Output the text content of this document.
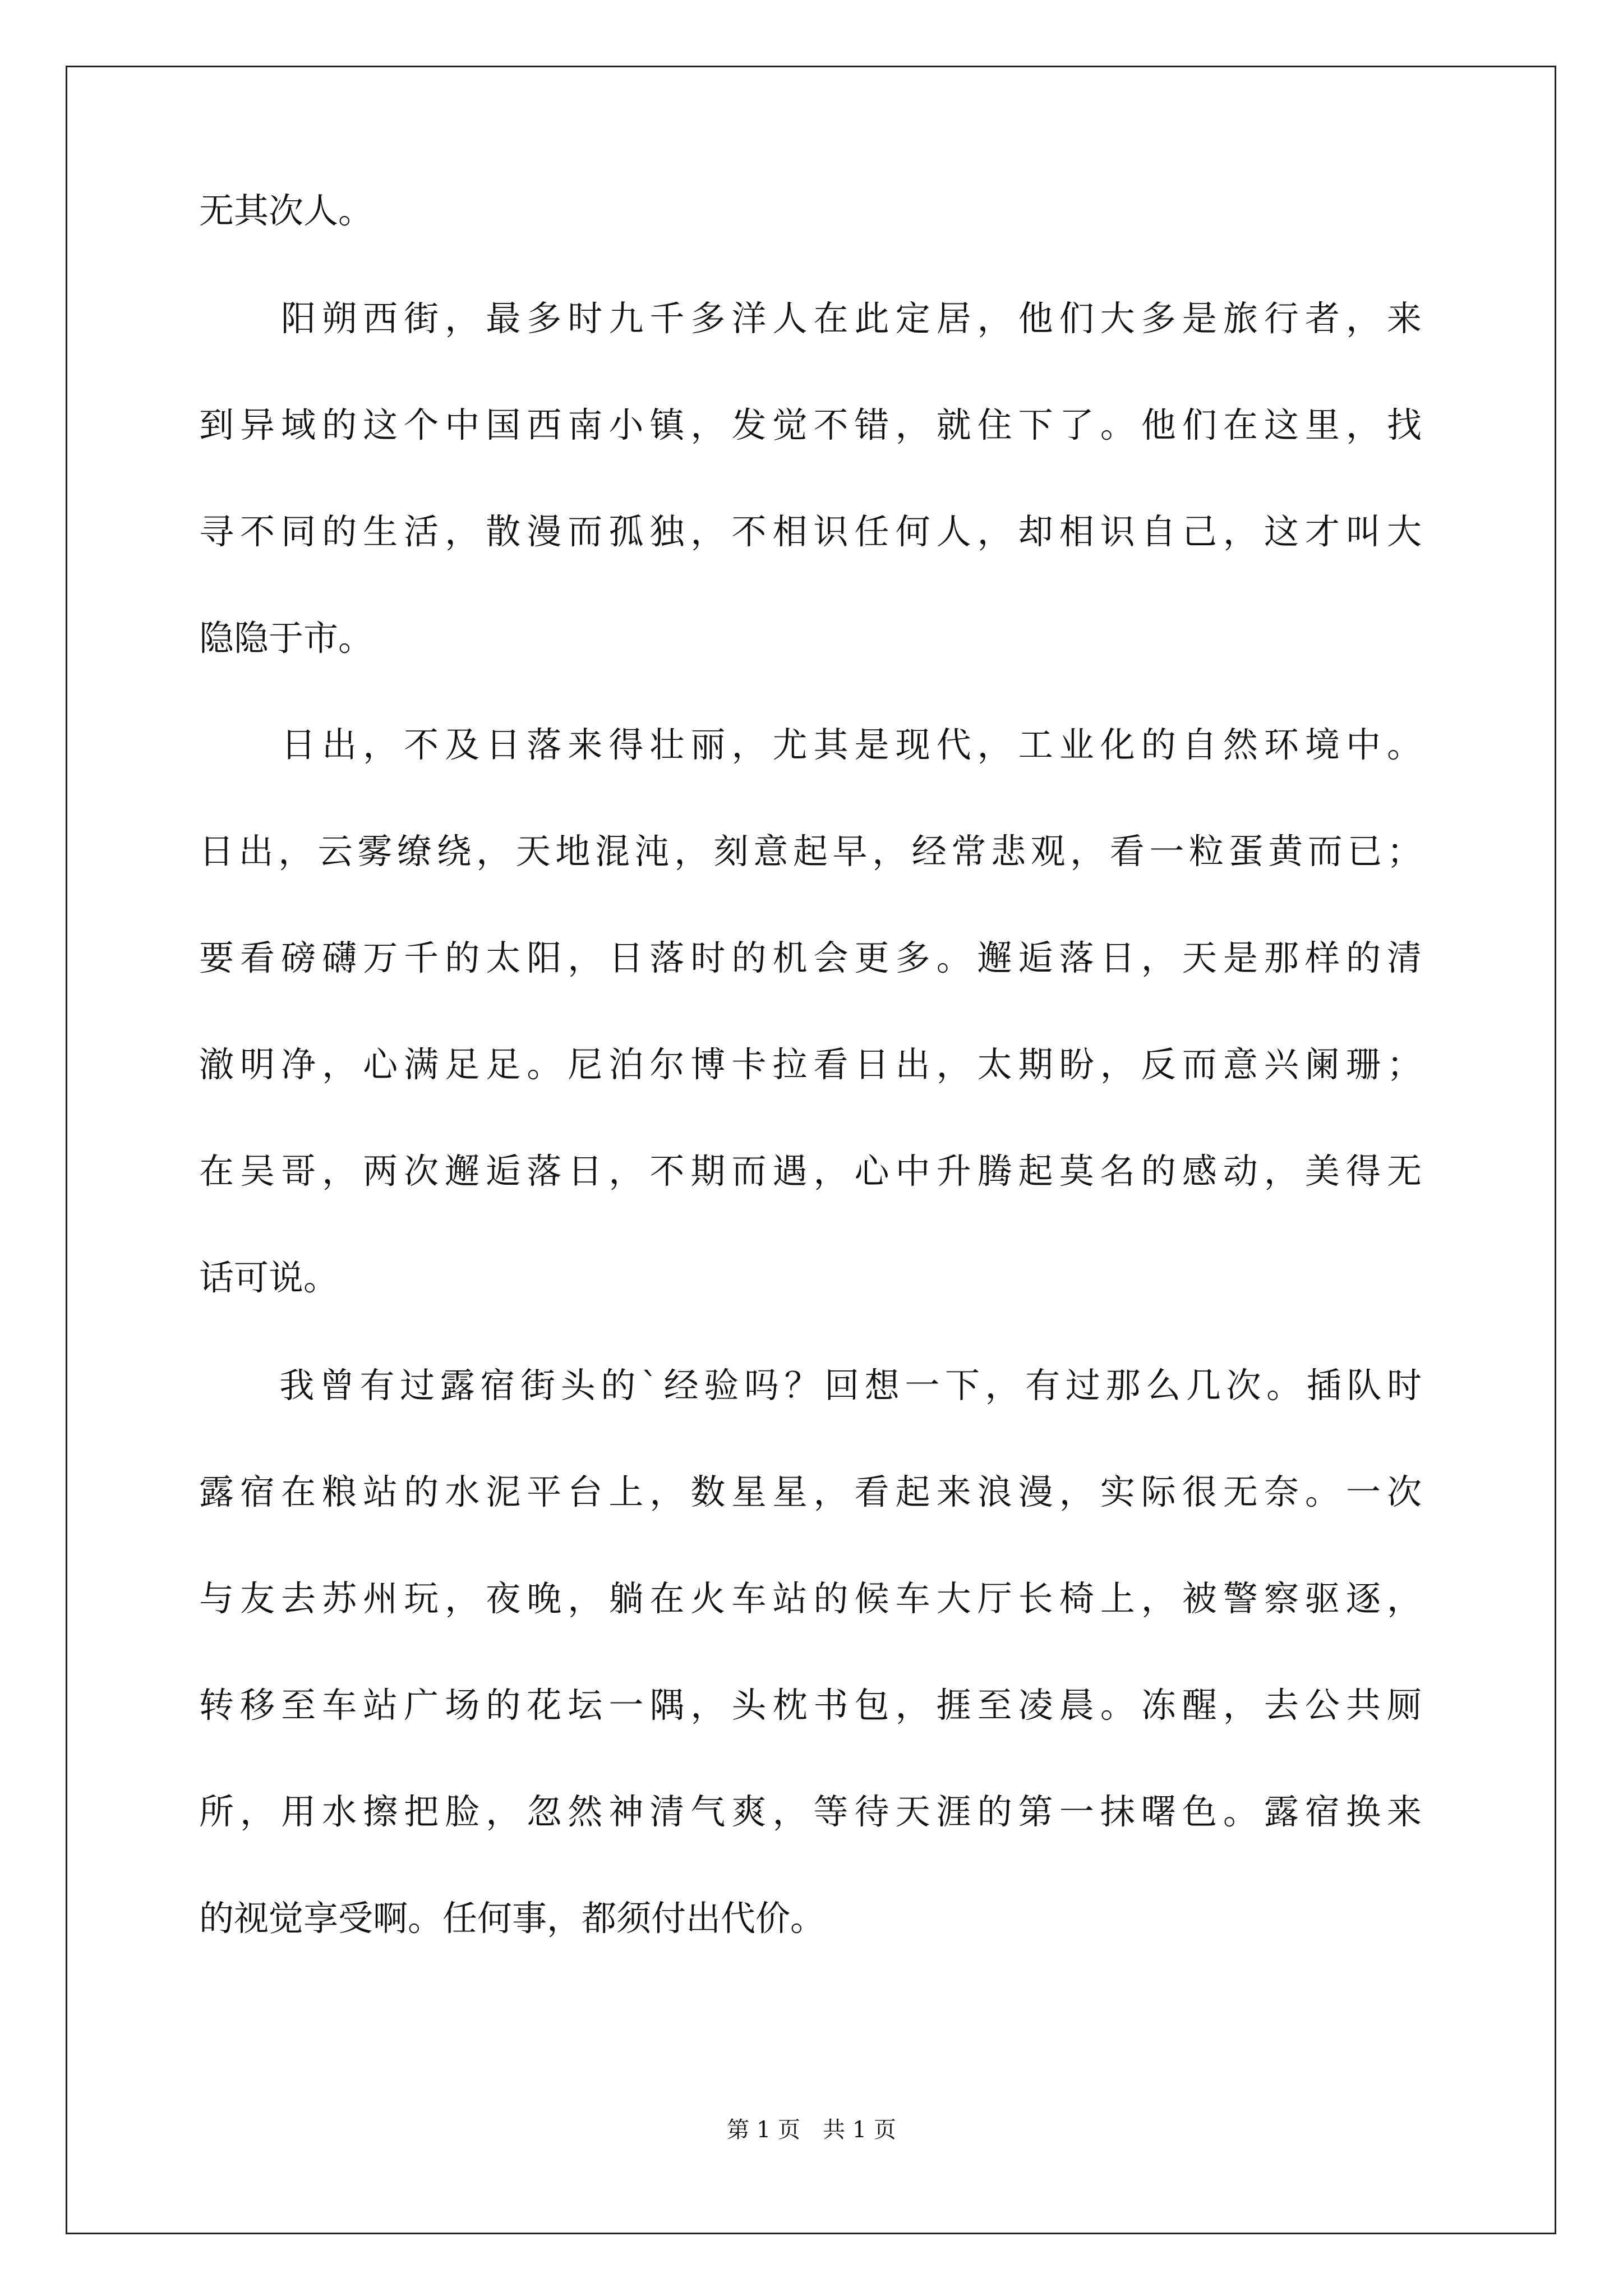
无其次人。
　　阳朔西街，最多时九千多洋人在此定居，他们大多是旅行者，来
到异域的这个中国西南小镇，发觉不错，就住下了。他们在这里，找
寻不同的生活，散漫而孤独，不相识任何人，却相识自己，这才叫大
隐隐于市。
　　日出，不及日落来得壮丽，尤其是现代，工业化的自然环境中。
日出，云雾缭绕，天地混沌，刻意起早，经常悲观，看一粒蛋黄而已；
要看磅礴万千的太阳，日落时的机会更多。邂逅落日，天是那样的清
澈明净，心满足足。尼泊尔博卡拉看日出，太期盼，反而意兴阑珊；
在吴哥，两次邂逅落日，不期而遇，心中升腾起莫名的感动，美得无
话可说。
　　我曾有过露宿街头的`经验吗？回想一下，有过那么几次。插队时
露宿在粮站的水泥平台上，数星星，看起来浪漫，实际很无奈。一次
与友去苏州玩，夜晚，躺在火车站的候车大厅长椅上，被警察驱逐，
转移至车站广场的花坛一隅，头枕书包，捱至凌晨。冻醒，去公共厕
所，用水擦把脸，忽然神清气爽，等待天涯的第一抹曙色。露宿换来
的视觉享受啊。任何事，都须付出代价。
第 1 页　共 1 页
